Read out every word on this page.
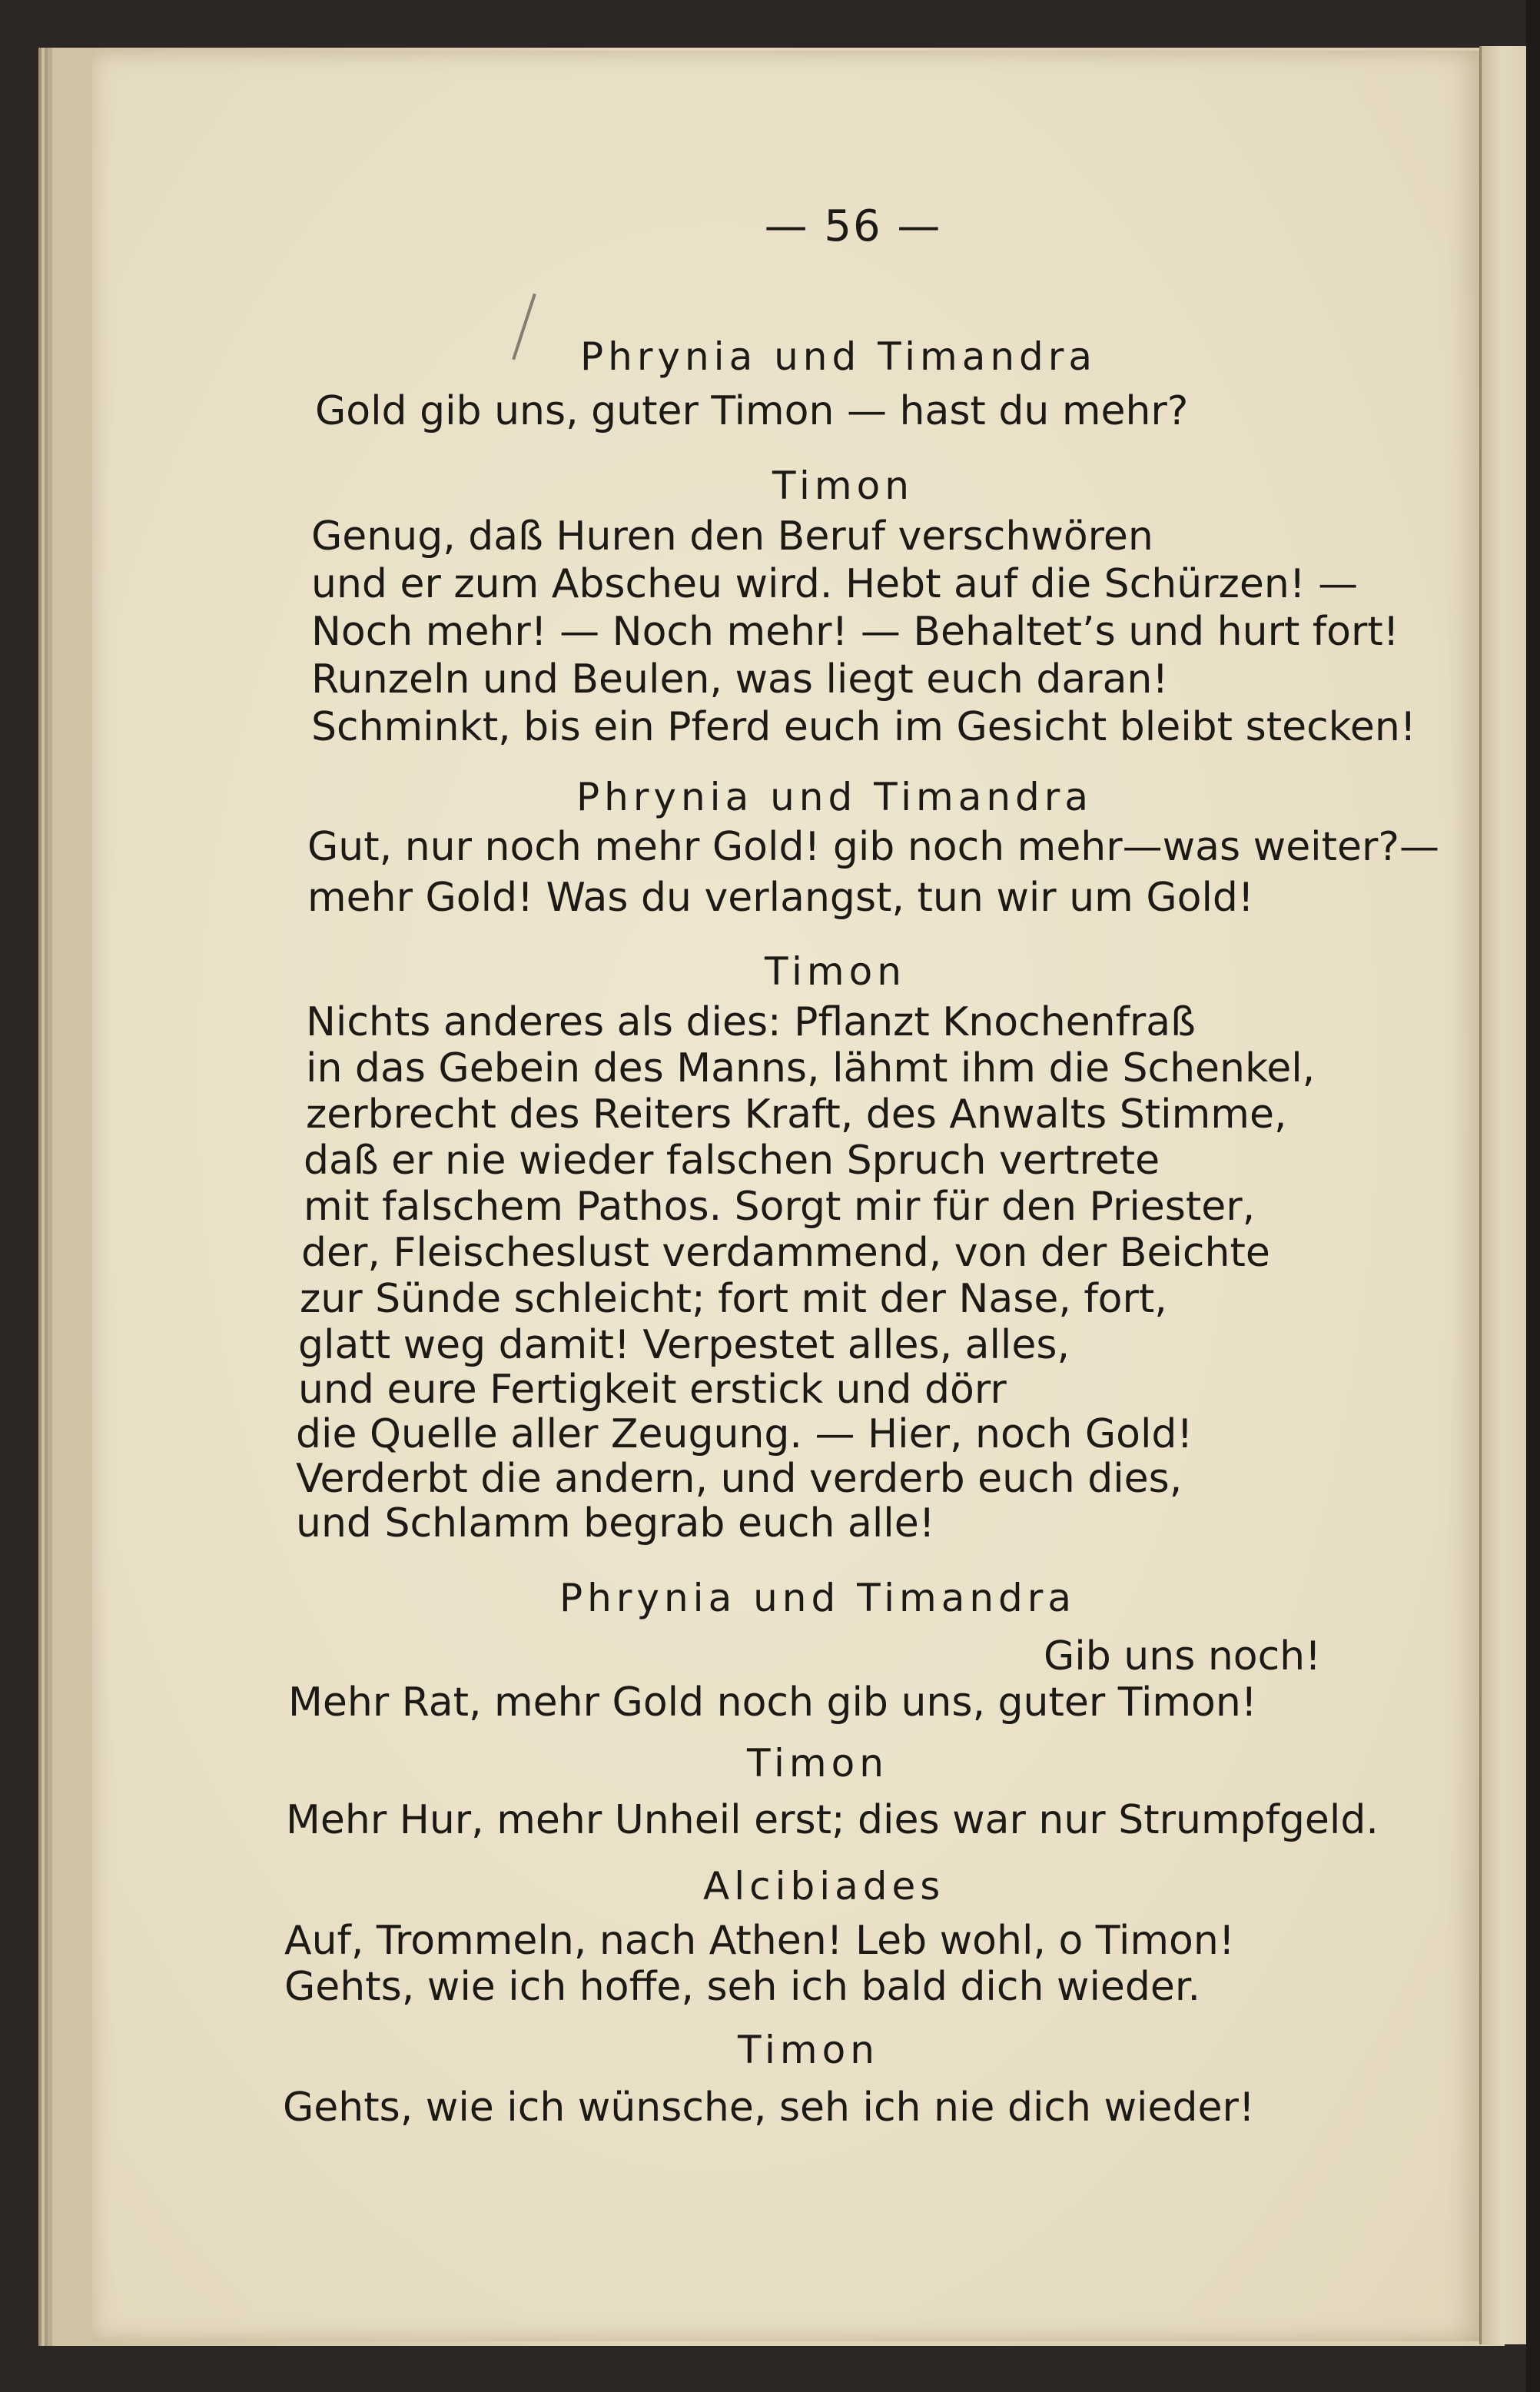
— 56 —
Phrynia und Timandra
Gold gib uns, guter Timon — hast du mehr?
Timon
Genug, daß Huren den Beruf verschwören
und er zum Abscheu wird. Hebt auf die Schürzen! —
Noch mehr! — Noch mehr! — Behaltet’s und hurt fort!
Runzeln und Beulen, was liegt euch daran!
Schminkt, bis ein Pferd euch im Gesicht bleibt stecken!
Phrynia und Timandra
Gut, nur noch mehr Gold! gib noch mehr—was weiter?—
mehr Gold! Was du verlangst, tun wir um Gold!
Timon
Nichts anderes als dies: Pflanzt Knochenfraß
in das Gebein des Manns, lähmt ihm die Schenkel,
zerbrecht des Reiters Kraft, des Anwalts Stimme,
daß er nie wieder falschen Spruch vertrete
mit falschem Pathos. Sorgt mir für den Priester,
der, Fleischeslust verdammend, von der Beichte
zur Sünde schleicht; fort mit der Nase, fort,
glatt weg damit! Verpestet alles, alles,
und eure Fertigkeit erstick und dörr
die Quelle aller Zeugung. — Hier, noch Gold!
Verderbt die andern, und verderb euch dies,
und Schlamm begrab euch alle!
Phrynia und Timandra
Gib uns noch!
Mehr Rat, mehr Gold noch gib uns, guter Timon!
Timon
Mehr Hur, mehr Unheil erst; dies war nur Strumpfgeld.
Alcibiades
Auf, Trommeln, nach Athen! Leb wohl, o Timon!
Gehts, wie ich hoffe, seh ich bald dich wieder.
Timon
Gehts, wie ich wünsche, seh ich nie dich wieder!
